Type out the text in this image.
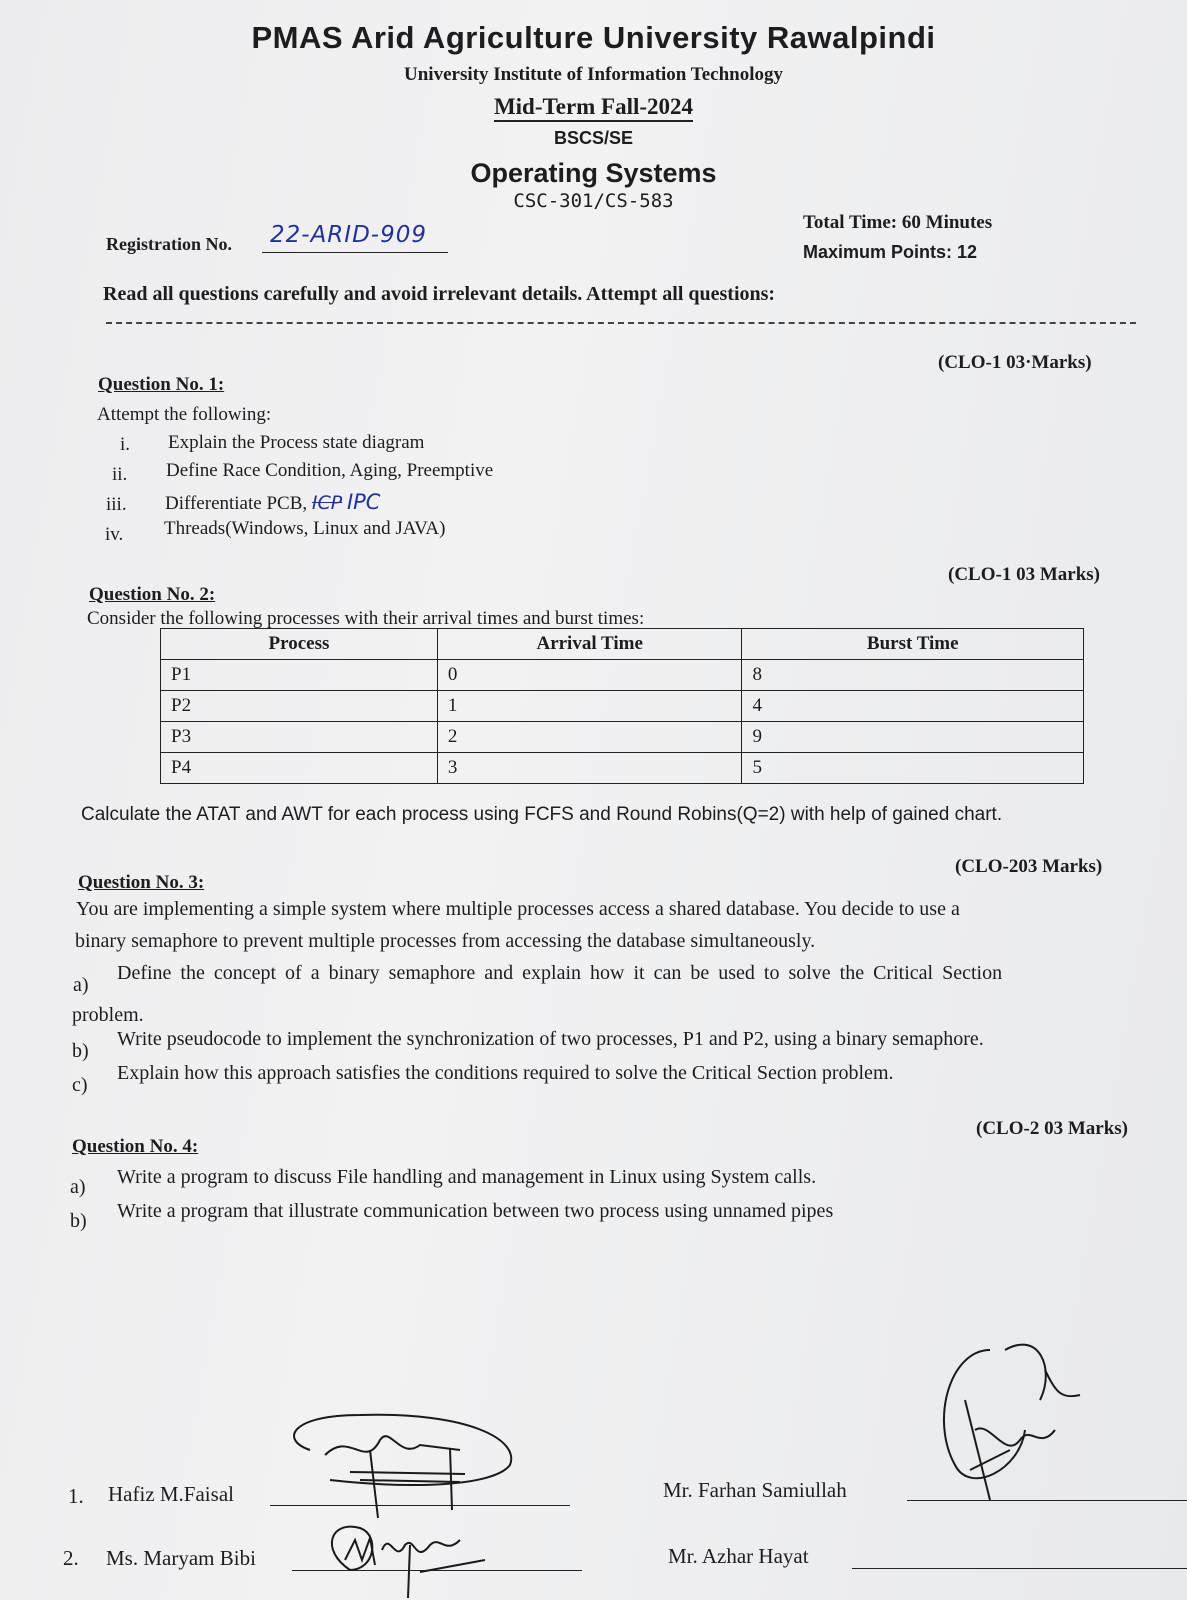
PMAS Arid Agriculture University Rawalpindi
University Institute of Information Technology
Mid-Term Fall-2024
BSCS/SE
Operating Systems
CSC-301/CS-583
Registration No. 22-ARID-909	Total Time: 60 Minutes
Maximum Points: 12
Read all questions carefully and avoid irrelevant details. Attempt all questions:
Question No. 1:
(CLO-1 03·Marks)
Attempt the following:
i. Explain the Process state diagram
ii. Define Race Condition, Aging, Preemptive
iii. Differentiate PCB, ICP IPC
iv. Threads(Windows, Linux and JAVA)
Question No. 2:
(CLO-1 03 Marks)
Consider the following processes with their arrival times and burst times:
Process	Arrival Time	Burst Time
P1	0	8
P2	1	4
P3	2	9
P4	3	5
Calculate the ATAT and AWT for each process using FCFS and Round Robins(Q=2) with help of gained chart.
Question No. 3:
(CLO-203 Marks)
You are implementing a simple system where multiple processes access a shared database. You decide to use a
binary semaphore to prevent multiple processes from accessing the database simultaneously.
a)
Define the concept of a binary semaphore and explain how it can be used to solve the Critical Section
problem.
b)
Write pseudocode to implement the synchronization of two processes, P1 and P2, using a binary semaphore.
c)
Explain how this approach satisfies the conditions required to solve the Critical Section problem.
Question No. 4:
(CLO-2 03 Marks)
a) Write a program to discuss File handling and management in Linux using System calls.
b) Write a program that illustrate communication between two process using unnamed pipes
1. Hafiz M.Faisal
2. Ms. Maryam Bibi
Mr. Farhan Samiullah
Mr. Azhar Hayat
